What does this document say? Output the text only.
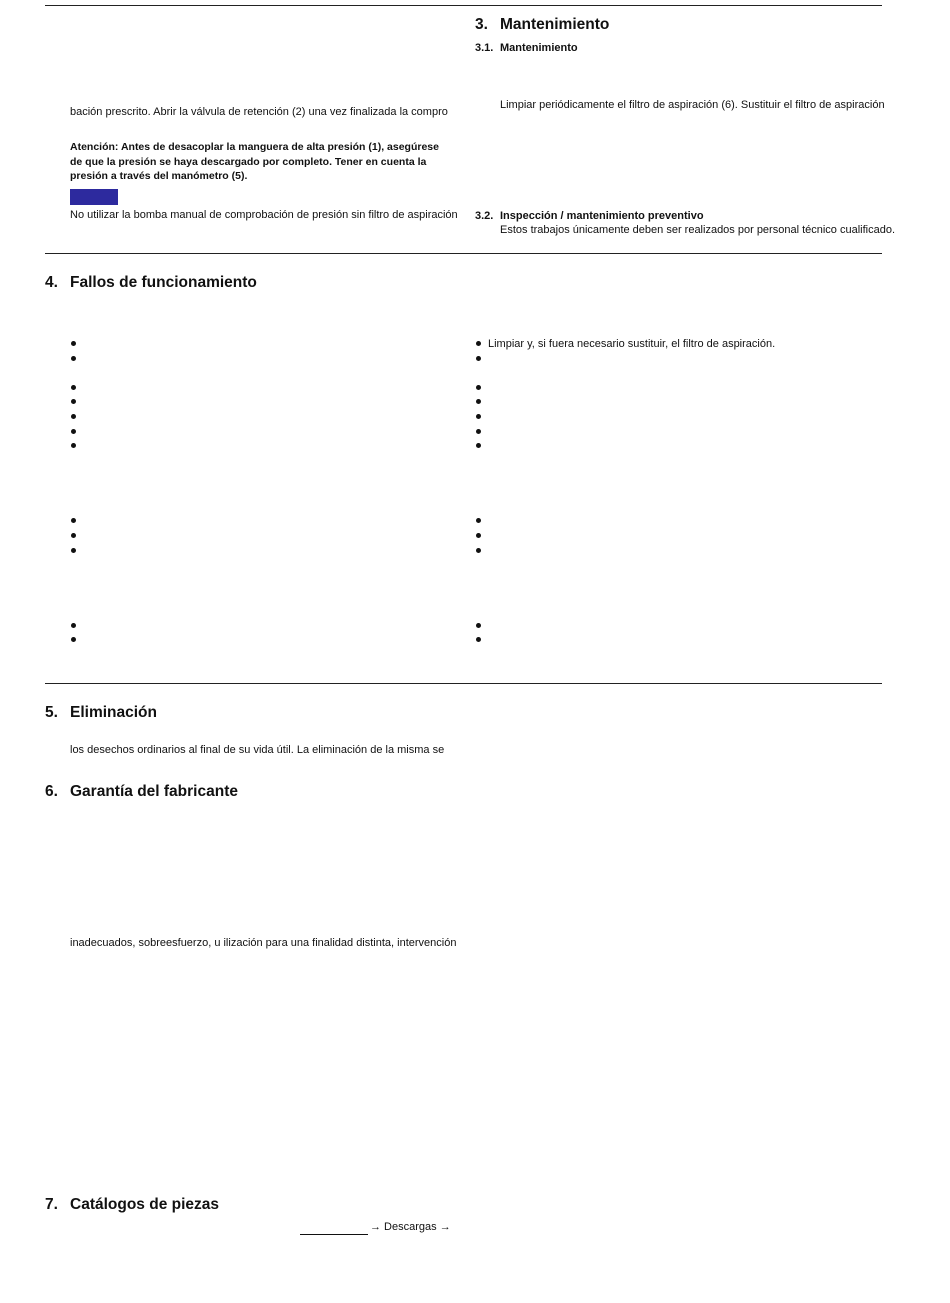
3. Mantenimiento
3.1. Mantenimiento
Limpiar periódicamente el filtro de aspiración (6). Sustituir el filtro de aspiración
bación prescrito. Abrir la válvula de retención (2) una vez finalizada la compro
Atención: Antes de desacoplar la manguera de alta presión (1), asegúrese de que la presión se haya descargado por completo. Tener en cuenta la presión a través del manómetro (5).
No utilizar la bomba manual de comprobación de presión sin filtro de aspiración 3.2. Inspección / mantenimiento preventivo
Estos trabajos únicamente deben ser realizados por personal técnico cualificado.
4. Fallos de funcionamiento
Limpiar y, si fuera necesario sustituir, el filtro de aspiración.
5. Eliminación
los desechos ordinarios al final de su vida útil. La eliminación de la misma se
6. Garantía del fabricante
inadecuados, sobreesfuerzo, u ilización para una finalidad distinta, intervención
7. Catálogos de piezas
→ Descargas →
